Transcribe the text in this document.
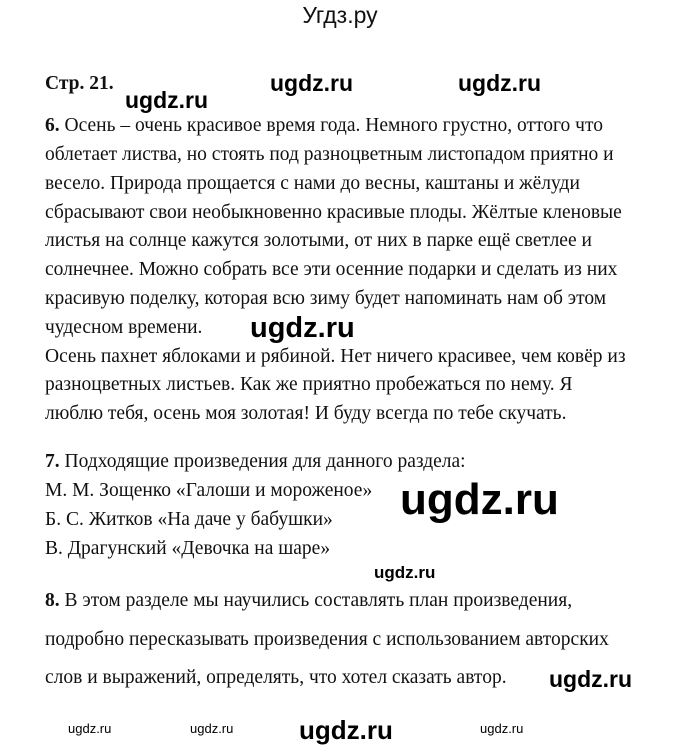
Угдз.ру
Стр. 21.
6. Осень – очень красивое время года. Немного грустно, оттого что
облетает листва, но стоять под разноцветным листопадом приятно и
весело. Природа прощается с нами до весны, каштаны и жёлуди
сбрасывают свои необыкновенно красивые плоды. Жёлтые кленовые
листья на солнце кажутся золотыми, от них в парке ещё светлее и
солнечнее. Можно собрать все эти осенние подарки и сделать из них
красивую поделку, которая всю зиму будет напоминать нам об этом
чудесном времени.
Осень пахнет яблоками и рябиной. Нет ничего красивее, чем ковёр из
разноцветных листьев. Как же приятно пробежаться по нему. Я
люблю тебя, осень моя золотая! И буду всегда по тебе скучать.
7. Подходящие произведения для данного раздела:
М. М. Зощенко «Галоши и мороженое»
Б. С. Житков «На даче у бабушки»
В. Драгунский «Девочка на шаре»
8. В этом разделе мы научились составлять план произведения,
подробно пересказывать произведения с использованием авторских
слов и выражений, определять, что хотел сказать автор.
ugdz.ru	ugdz.ru
ugdz.ru
ugdz.ru
ugdz.ru
ugdz.ru
ugdz.ru
ugdz.ru	ugdz.ru
ugdz.ru
ugdz.ru
